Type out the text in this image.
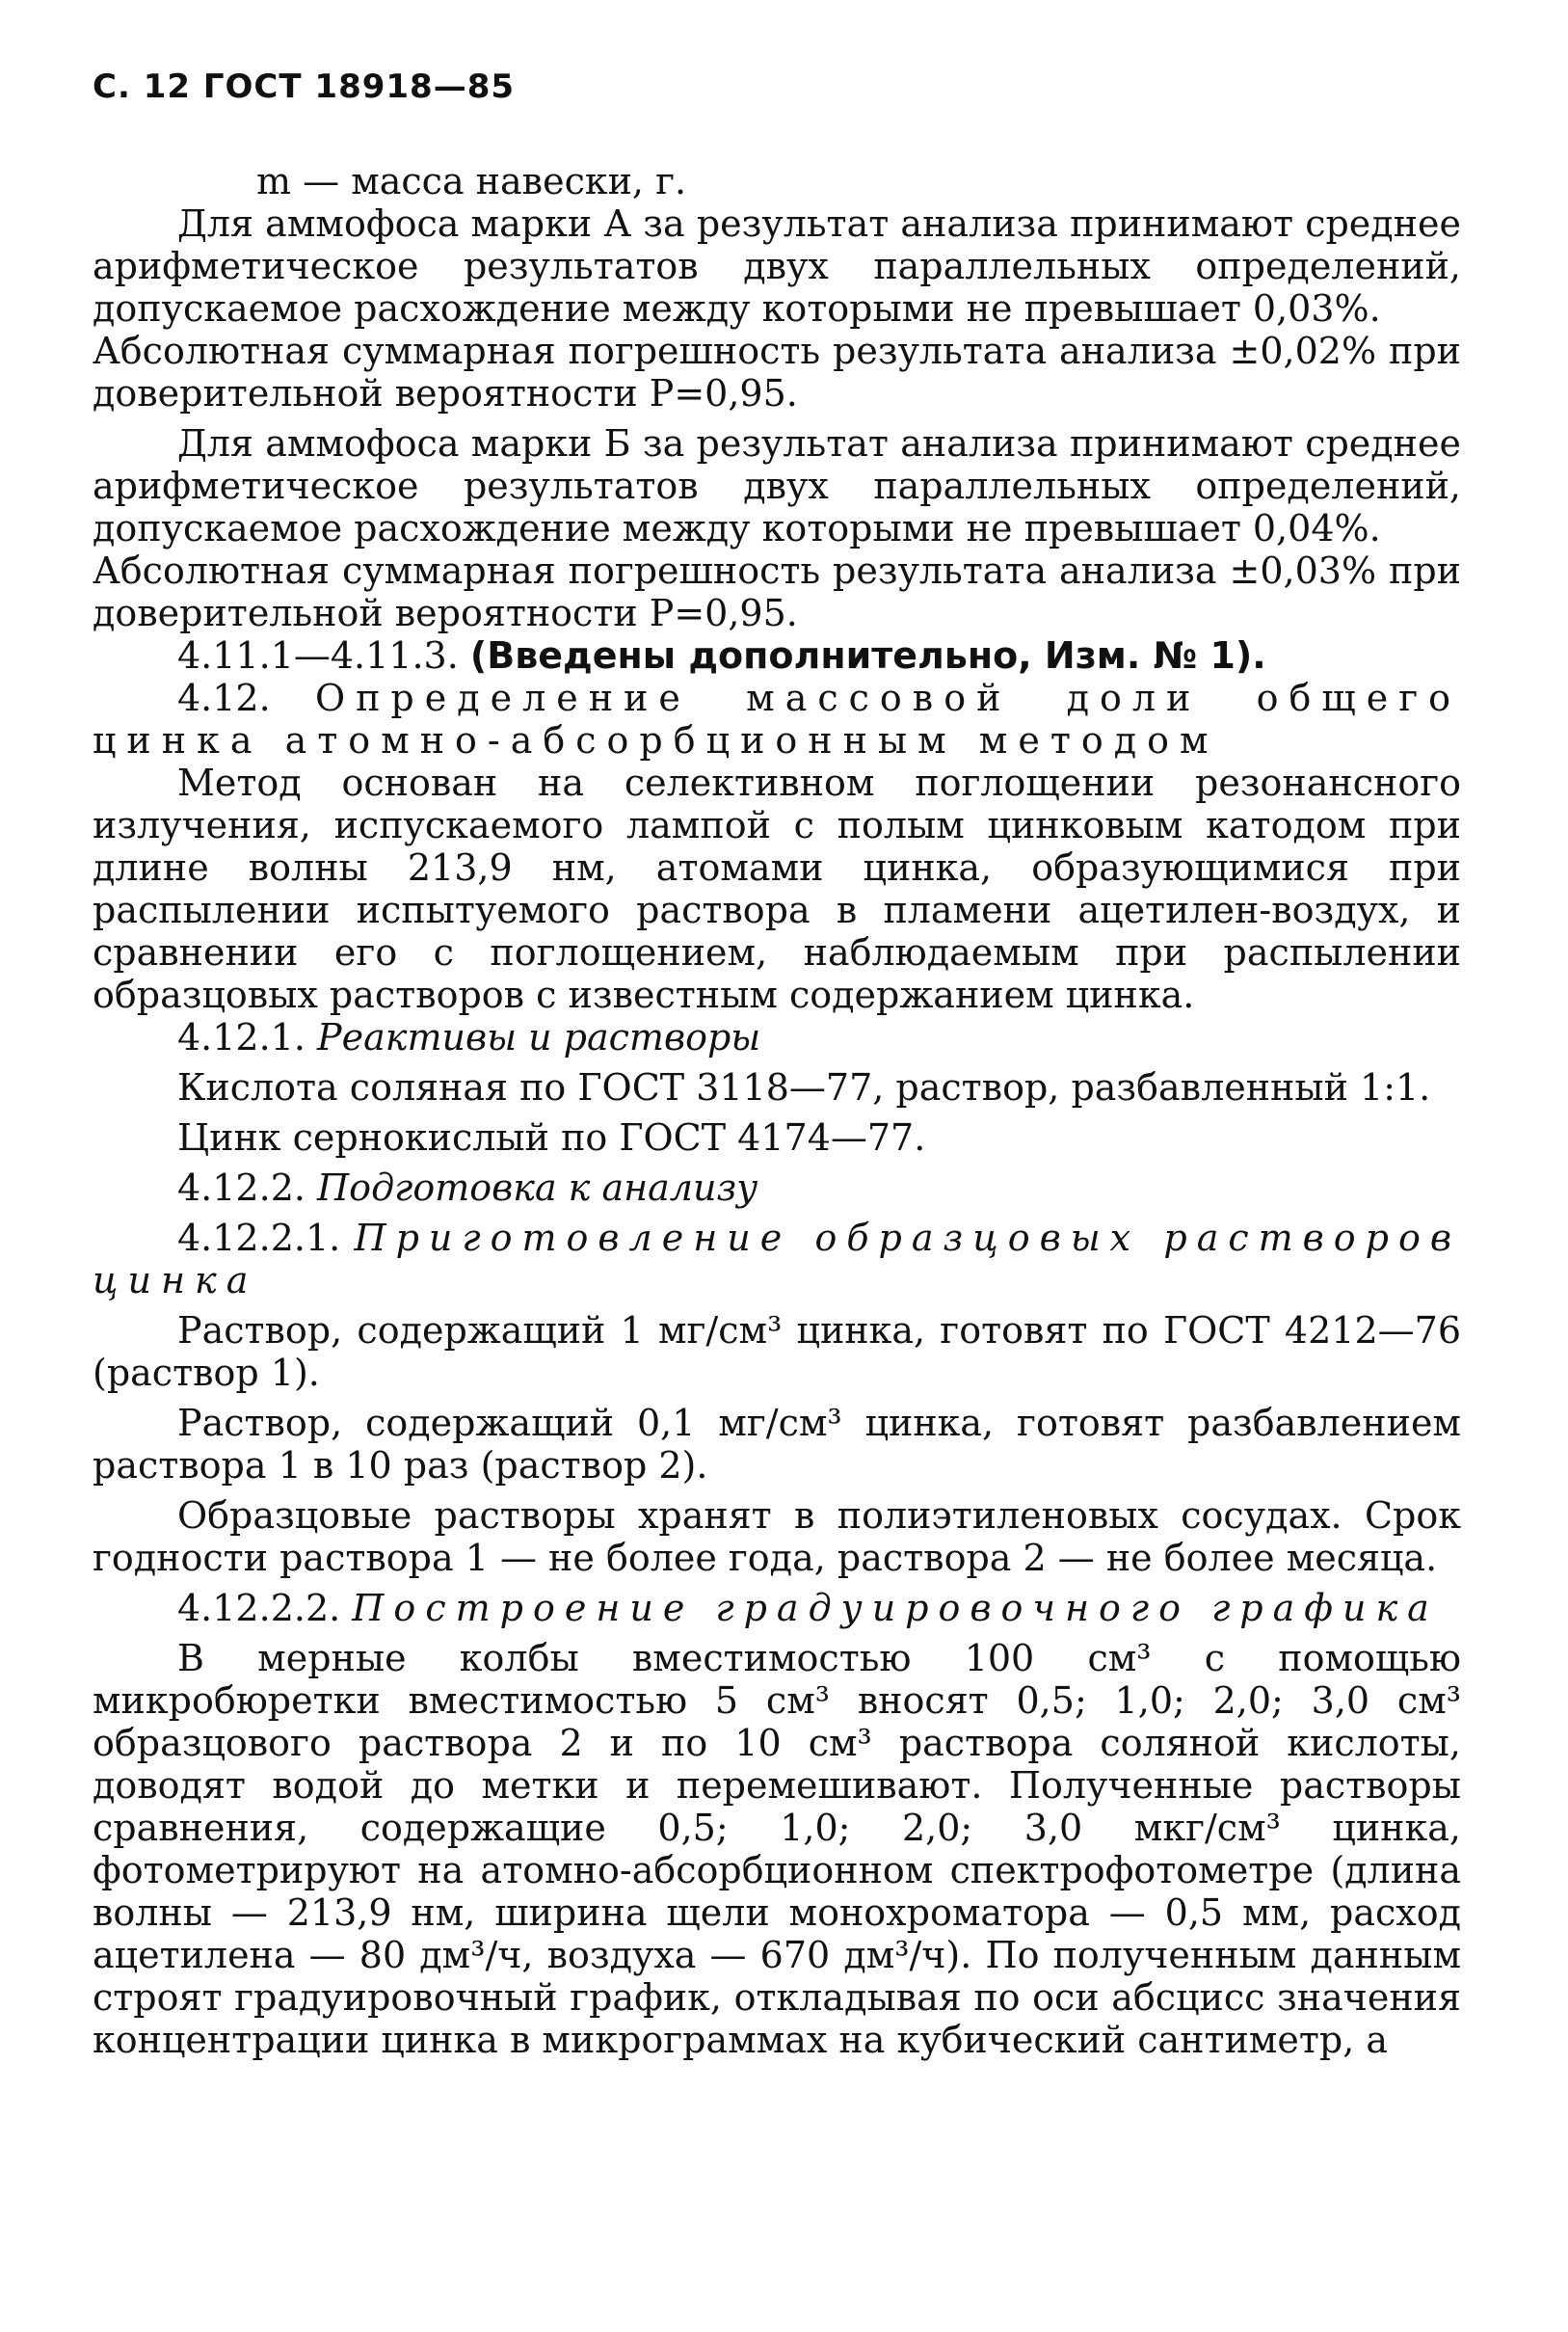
С. 12 ГОСТ 18918—85

m — масса навески, г.

Для аммофоса марки А за результат анализа принимают среднее арифметическое результатов двух параллельных определений, допускаемое расхождение между которыми не превышает 0,03%.

Абсолютная суммарная погрешность результата анализа ±0,02% при доверительной вероятности P=0,95.

Для аммофоса марки Б за результат анализа принимают среднее арифметическое результатов двух параллельных определений, допускаемое расхождение между которыми не превышает 0,04%.

Абсолютная суммарная погрешность результата анализа ±0,03% при доверительной вероятности P=0,95.

4.11.1—4.11.3. (Введены дополнительно, Изм. № 1).

4.12. Определение массовой доли общего цинка атомно-абсорбционным методом

Метод основан на селективном поглощении резонансного излучения, испускаемого лампой с полым цинковым катодом при длине волны 213,9 нм, атомами цинка, образующимися при распылении испытуемого раствора в пламени ацетилен-воздух, и сравнении его с поглощением, наблюдаемым при распылении образцовых растворов с известным содержанием цинка.

4.12.1. Реактивы и растворы

Кислота соляная по ГОСТ 3118—77, раствор, разбавленный 1:1.

Цинк сернокислый по ГОСТ 4174—77.

4.12.2. Подготовка к анализу

4.12.2.1. Приготовление образцовых растворов цинка

Раствор, содержащий 1 мг/см³ цинка, готовят по ГОСТ 4212—76 (раствор 1).

Раствор, содержащий 0,1 мг/см³ цинка, готовят разбавлением раствора 1 в 10 раз (раствор 2).

Образцовые растворы хранят в полиэтиленовых сосудах. Срок годности раствора 1 — не более года, раствора 2 — не более месяца.

4.12.2.2. Построение градуировочного графика

В мерные колбы вместимостью 100 см³ с помощью микробюретки вместимостью 5 см³ вносят 0,5; 1,0; 2,0; 3,0 см³ образцового раствора 2 и по 10 см³ раствора соляной кислоты, доводят водой до метки и перемешивают. Полученные растворы сравнения, содержащие 0,5; 1,0; 2,0; 3,0 мкг/см³ цинка, фотометрируют на атомно-абсорбционном спектрофотометре (длина волны — 213,9 нм, ширина щели монохроматора — 0,5 мм, расход ацетилена — 80 дм³/ч, воздуха — 670 дм³/ч). По полученным данным строят градуировочный график, откладывая по оси абсцисс значения концентрации цинка в микрограммах на кубический сантиметр, а
